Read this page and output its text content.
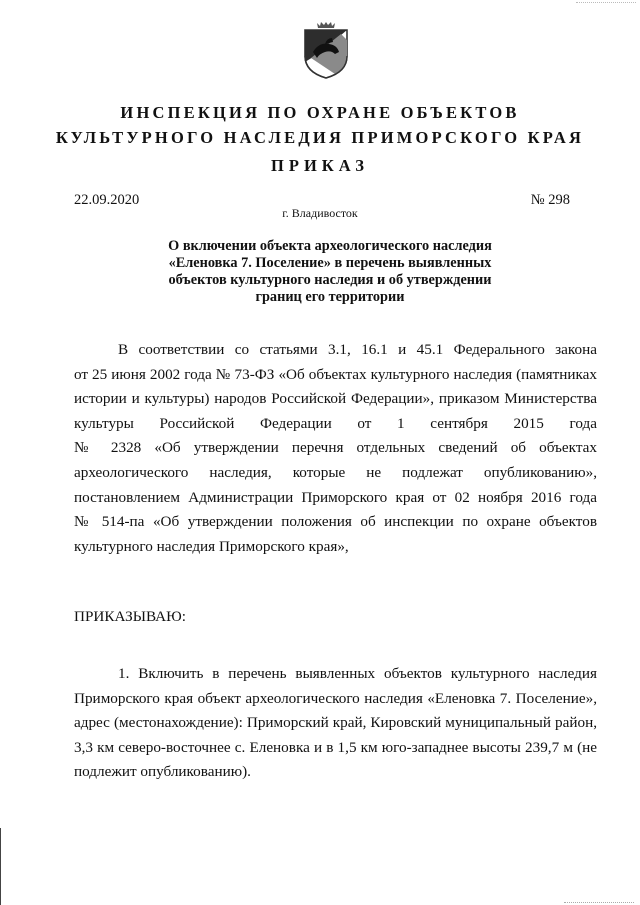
ИНСПЕКЦИЯ ПО ОХРАНЕ ОБЪЕКТОВ
КУЛЬТУРНОГО НАСЛЕДИЯ ПРИМОРСКОГО КРАЯ
ПРИКАЗ
22.09.2020	№ 298
г. Владивосток
О включении объекта археологического наследия
«Еленовка 7. Поселение» в перечень выявленных
объектов культурного наследия и об утверждении
границ его территории
В соответствии со статьями 3.1, 16.1 и 45.1 Федерального закона
от 25 июня 2002 года № 73-ФЗ «Об объектах культурного наследия (памятниках
истории и культуры) народов Российской Федерации», приказом Министерства
культуры Российской Федерации от 1 сентября 2015 года
№ 2328 «Об утверждении перечня отдельных сведений об объектах
археологического наследия, которые не подлежат опубликованию»,
постановлением Администрации Приморского края от 02 ноября 2016 года
№ 514-па «Об утверждении положения об инспекции по охране объектов
культурного наследия Приморского края»,
ПРИКАЗЫВАЮ:
1. Включить в перечень выявленных объектов культурного наследия
Приморского края объект археологического наследия «Еленовка 7. Поселение»,
адрес (местонахождение): Приморский край, Кировский муниципальный район,
3,3 км северо-восточнее с. Еленовка и в 1,5 км юго-западнее высоты 239,7 м (не
подлежит опубликованию).
